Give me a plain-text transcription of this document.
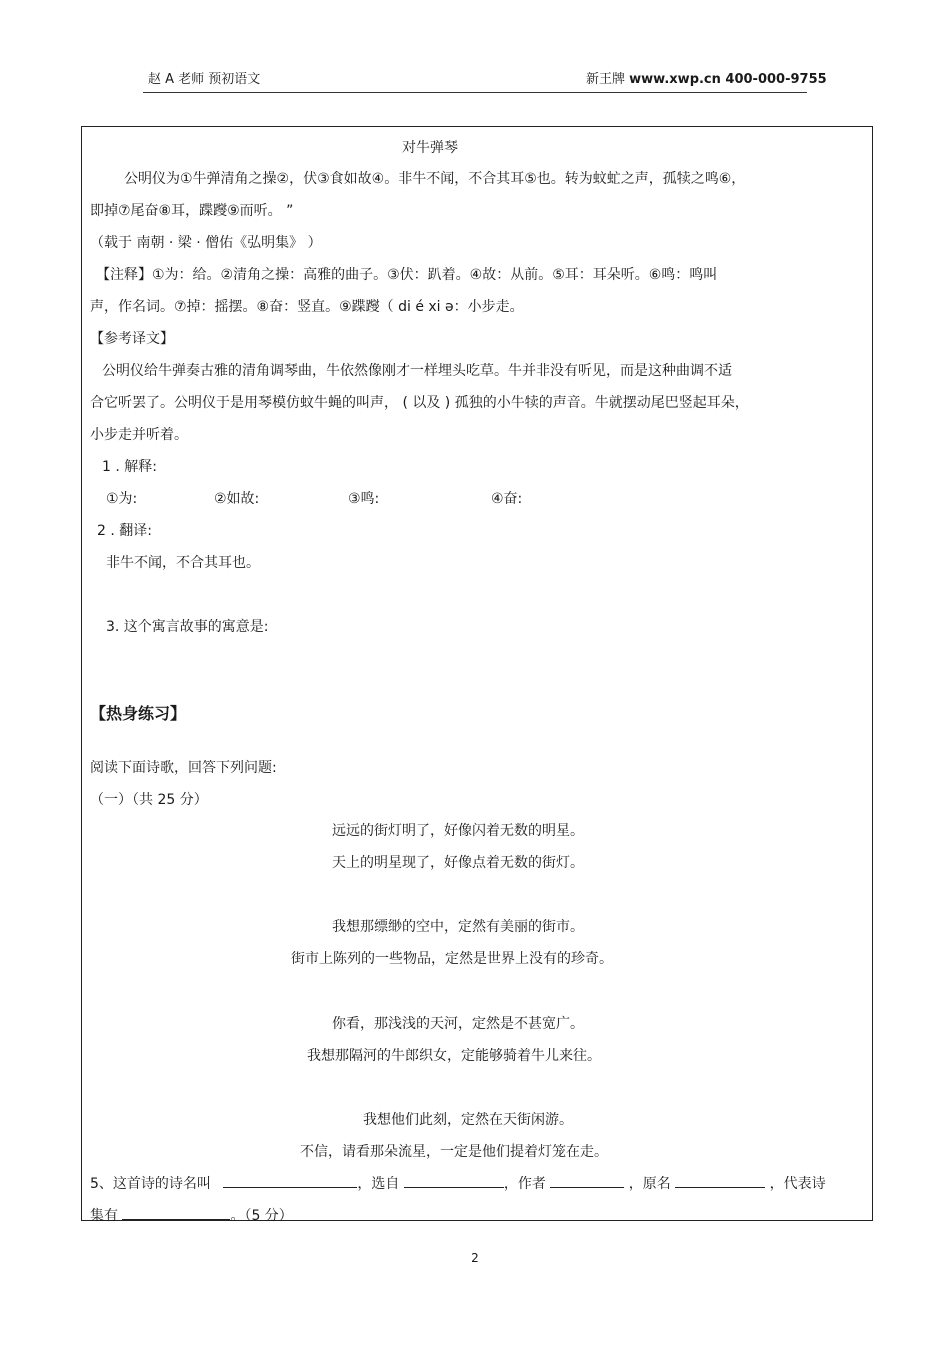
赵 A 老师 预初语文	新王牌 www.xwp.cn 400-000-9755
对牛弹琴
公明仪为①牛弹清角之操②，伏③食如故④。非牛不闻，不合其耳⑤也。转为蚊虻之声，孤犊之鸣⑥，
即掉⑦尾奋⑧耳，蹀躞⑨而听。 ”
（载于 南朝 · 梁 · 僧佑《弘明集》 ）
【注释】①为：给。②清角之操：高雅的曲子。③伏：趴着。④故：从前。⑤耳：耳朵听。⑥鸣：鸣叫
声，作名词。⑦掉：摇摆。⑧奋：竖直。⑨蹀躞（ di é xi ə：小步走。
【参考译文】
公明仪给牛弹奏古雅的清角调琴曲，牛依然像刚才一样埋头吃草。牛并非没有听见，而是这种曲调不适
合它听罢了。公明仪于是用琴模仿蚊牛蝇的叫声， ( 以及 ) 孤独的小牛犊的声音。牛就摆动尾巴竖起耳朵，
小步走并听着。
1 . 解释:
①为:	②如故:	③鸣:	④奋:
2 . 翻译:
非牛不闻，不合其耳也。
3. 这个寓言故事的寓意是:
【热身练习】
阅读下面诗歌，回答下列问题:
（一）（共 25 分）
远远的街灯明了，好像闪着无数的明星。
天上的明星现了，好像点着无数的街灯。
我想那缥缈的空中，定然有美丽的街市。
街市上陈列的一些物品，定然是世界上没有的珍奇。
你看，那浅浅的天河，定然是不甚宽广。
我想那隔河的牛郎织女，定能够骑着牛儿来往。
我想他们此刻，定然在天街闲游。
不信，请看那朵流星，一定是他们提着灯笼在走。
5、这首诗的诗名叫	，选自	，作者	，原名	，代表诗
集有	。（5 分）
2
